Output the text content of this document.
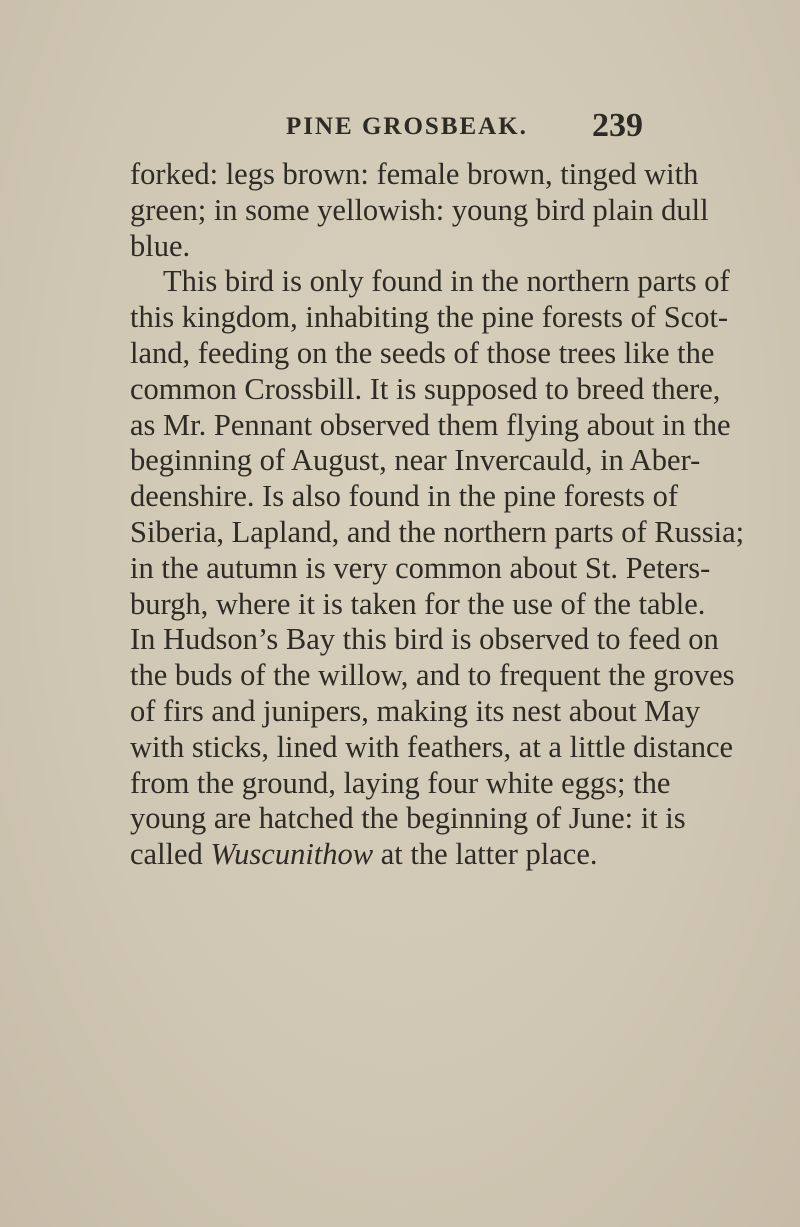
PINE GROSBEAK. 239
forked: legs brown: female brown, tinged with
green; in some yellowish: young bird plain dull
blue.
This bird is only found in the northern parts of
this kingdom, inhabiting the pine forests of Scot-
land, feeding on the seeds of those trees like the
common Crossbill. It is supposed to breed there,
as Mr. Pennant observed them flying about in the
beginning of August, near Invercauld, in Aber-
deenshire. Is also found in the pine forests of
Siberia, Lapland, and the northern parts of Russia;
in the autumn is very common about St. Peters-
burgh, where it is taken for the use of the table.
In Hudson’s Bay this bird is observed to feed on
the buds of the willow, and to frequent the groves
of firs and junipers, making its nest about May
with sticks, lined with feathers, at a little distance
from the ground, laying four white eggs; the
young are hatched the beginning of June: it is
called Wuscunithow at the latter place.
